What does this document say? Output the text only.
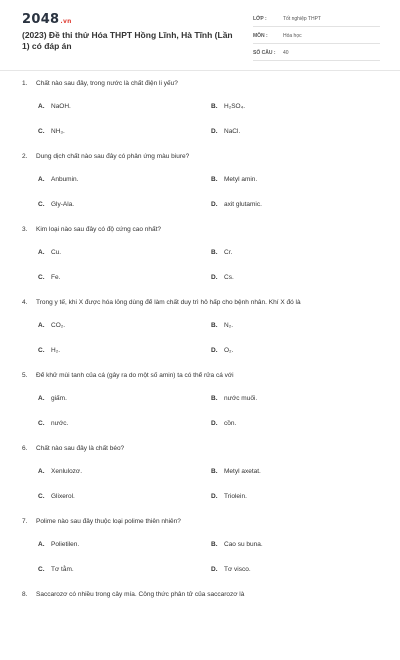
2048.vn
(2023) Đề thi thử Hóa THPT Hồng Lĩnh, Hà Tĩnh (Lần 1) có đáp án
LỚP :	Tốt nghiệp THPT
MÔN :	Hóa học
SỐ CÂU :	40
1. Chất nào sau đây, trong nước là chất điện li yếu?
A. NaOH.	B. H₂SO₄.
C. NH₃.	D. NaCl.
2. Dung dịch chất nào sau đây có phản ứng màu biure?
A. Anbumin.	B. Metyl amin.
C. Gly-Ala.	D. axit glutamic.
3. Kim loại nào sau đây có độ cứng cao nhất?
A. Cu.	B. Cr.
C. Fe.	D. Cs.
4. Trong y tế, khi X được hóa lỏng dùng để làm chất duy trì hô hấp cho bệnh nhân. Khí X đó là
A. CO₂.	B. N₂.
C. H₂.	D. O₂.
5. Để khử mùi tanh của cá (gây ra do một số amin) ta có thể rửa cá với
A. giấm.	B. nước muối.
C. nước.	D. cồn.
6. Chất nào sau đây là chất béo?
A. Xenlulozơ.	B. Metyl axetat.
C. Glixerol.	D. Triolein.
7. Polime nào sau đây thuộc loại polime thiên nhiên?
A. Polietilen.	B. Cao su buna.
C. Tơ tằm.	D. Tơ visco.
8. Saccarozơ có nhiều trong cây mía. Công thức phân tử của saccarozơ là
